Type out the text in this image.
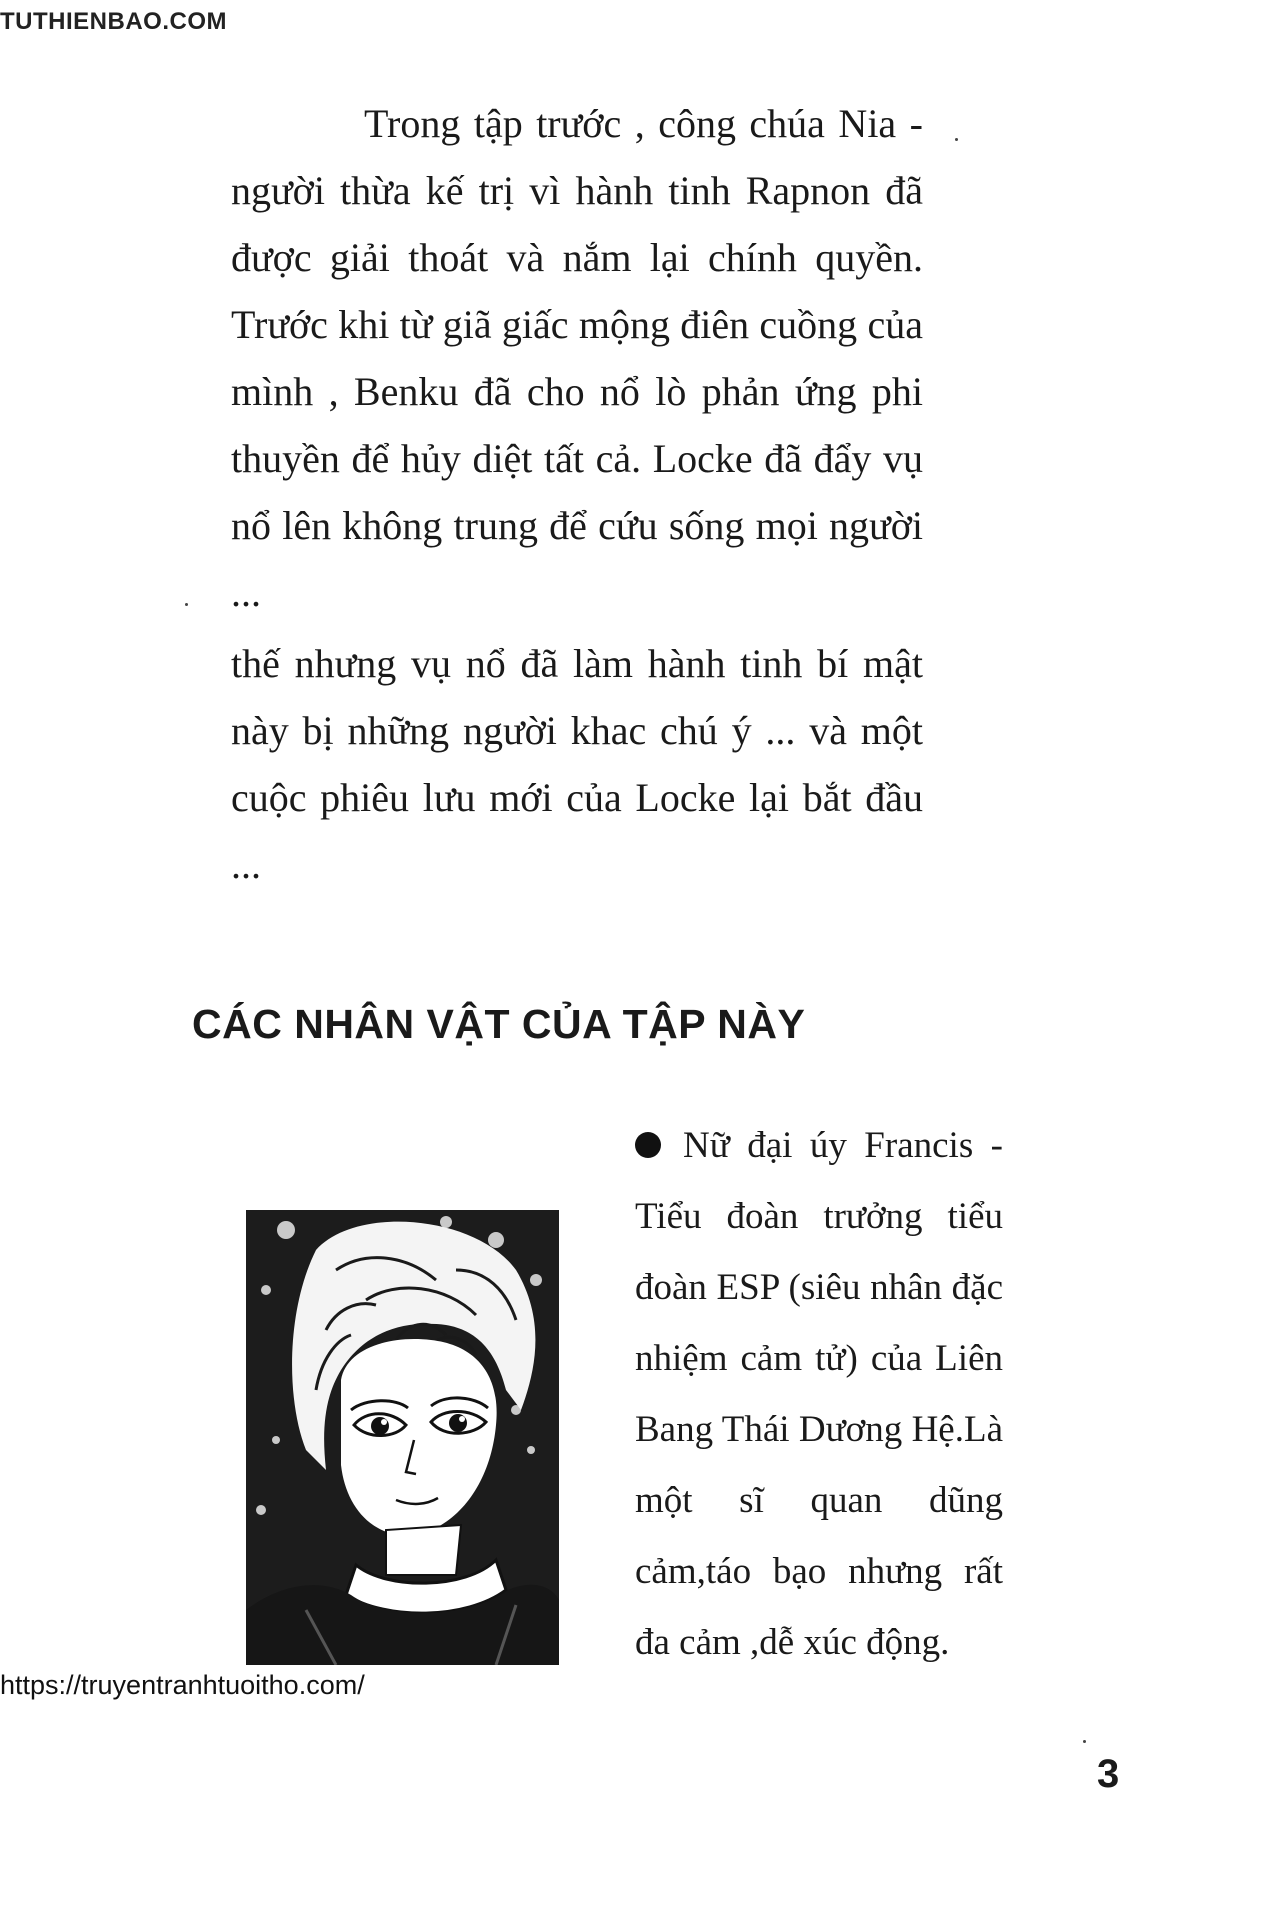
TUTHIENBAO.COM

Trong tập trước , công chúa Nia - người thừa kế trị vì hành tinh Rapnon đã được giải thoát và nắm lại chính quyền. Trước khi từ giã giấc mộng điên cuồng của mình , Benku đã cho nổ lò phản ứng phi thuyền để hủy diệt tất cả. Locke đã đẩy vụ nổ lên không trung để cứu sống mọi người ...

thế nhưng vụ nổ đã làm hành tinh bí mật này bị những người khac chú ý ... và một cuộc phiêu lưu mới của Locke lại bắt đầu ...

CÁC NHÂN VẬT CỦA TẬP NÀY
Nữ đại úy Francis - Tiểu đoàn trưởng tiểu đoàn ESP (siêu nhân đặc nhiệm cảm tử) của Liên Bang Thái Dương Hệ.Là một sĩ quan dũng cảm,táo bạo nhưng rất đa cảm ,dễ xúc động.
https://truyentranhtuoitho.com/
3
